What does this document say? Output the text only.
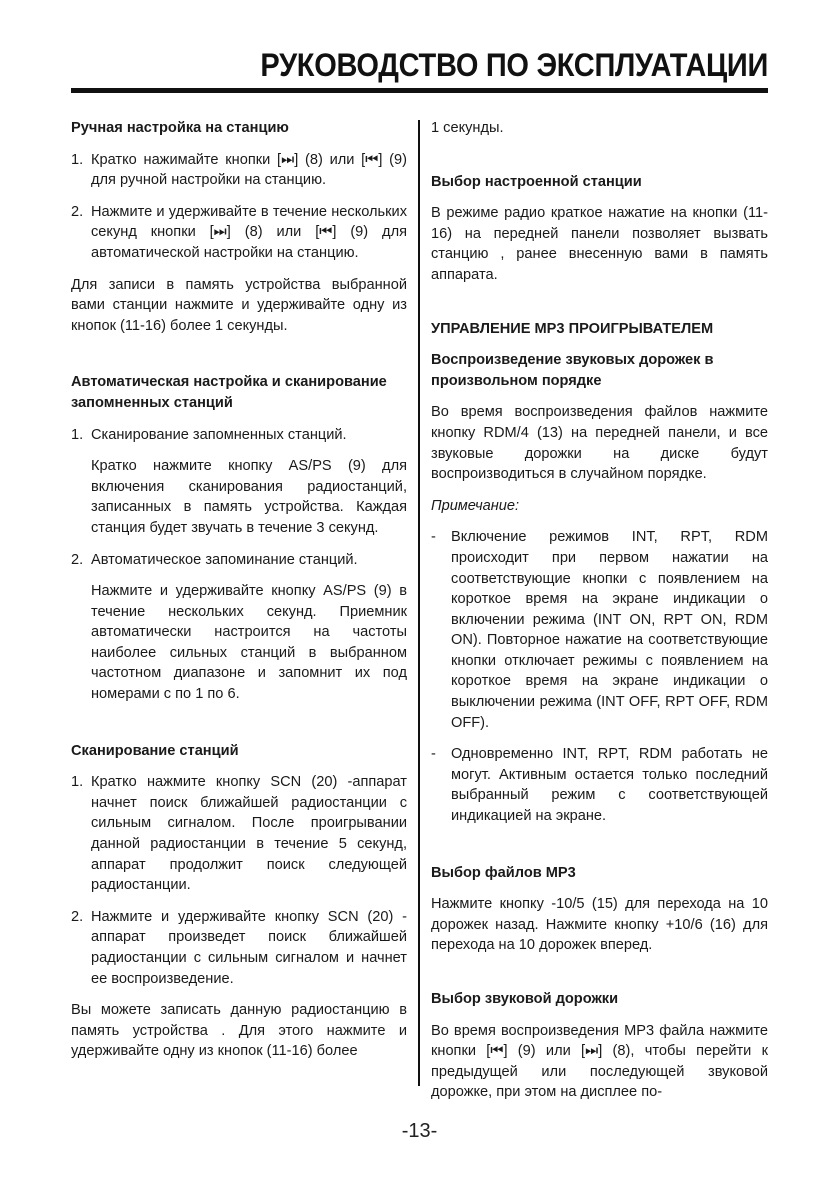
РУКОВОДСТВО ПО ЭКСПЛУАТАЦИИ

Ручная настройка на станцию

1. Кратко нажимайте кнопки [⏭] (8) или [⏮] (9) для ручной настройки на станцию.
2. Нажмите и удерживайте в течение нескольких секунд кнопки [⏭] (8) или [⏮] (9) для автоматической настройки на станцию.

Для записи в память устройства выбранной вами станции нажмите и удерживайте одну из кнопок (11-16) более 1 секунды.

Автоматическая настройка и сканирование запомненных станций

1. Сканирование запомненных станций.

Кратко нажмите кнопку AS/PS (9) для включения сканирования радиостанций, записанных в память устройства. Каждая станция будет звучать в течение 3 секунд.

2. Автоматическое запоминание станций.

Нажмите и удерживайте кнопку AS/PS (9) в течение нескольких секунд. Приемник автоматически настроится на частоты наиболее сильных станций в выбранном частотном диапазоне и запомнит их под номерами с по 1 по 6.

Сканирование станций

1. Кратко нажмите кнопку SCN (20) -аппарат начнет поиск ближайшей радиостанции с сильным сигналом. После проигрывании данной радиостанции в течение 5 секунд, аппарат продолжит поиск следующей радиостанции.
2. Нажмите и удерживайте кнопку SCN (20) - аппарат произведет поиск ближайшей радиостанции с сильным сигналом и начнет ее воспроизведение.

Вы можете записать данную радиостанцию в память устройства . Для этого нажмите и удерживайте одну из кнопок (11-16) более

1 секунды.

Выбор настроенной станции

В режиме радио краткое нажатие на кнопки (11-16) на передней панели позволяет вызвать станцию , ранее внесенную вами в память аппарата.

УПРАВЛЕНИЕ МР3 ПРОИГРЫВАТЕЛЕМ

Воспроизведение звуковых дорожек в произвольном порядке

Во время воспроизведения файлов нажмите кнопку RDM/4 (13) на передней панели, и все звуковые дорожки на диске будут воспроизводиться в случайном порядке.

Примечание:

-	Включение режимов INT, RPT, RDM происходит при первом нажатии на соответствующие кнопки с появлением на короткое время на экране индикации о включении режима (INT ON, RPT ON, RDM ON). Повторное нажатие на соответствующие кнопки отключает режимы с появлением на короткое время на экране индикации о выключении режима (INT OFF, RPT OFF, RDM OFF).
-	Одновременно INT, RPT, RDM работать не могут. Активным остается только последний выбранный режим с соответствующей индикацией на экране.

Выбор файлов МР3

Нажмите кнопку -10/5 (15) для перехода на 10 дорожек назад. Нажмите кнопку +10/6 (16) для перехода на 10 дорожек вперед.

Выбор звуковой дорожки

Во время воспроизведения МР3 файла нажмите кнопки [⏮] (9) или [⏭] (8), чтобы перейти к предыдущей или последующей звуковой дорожке, при этом на дисплее по-

-13-
